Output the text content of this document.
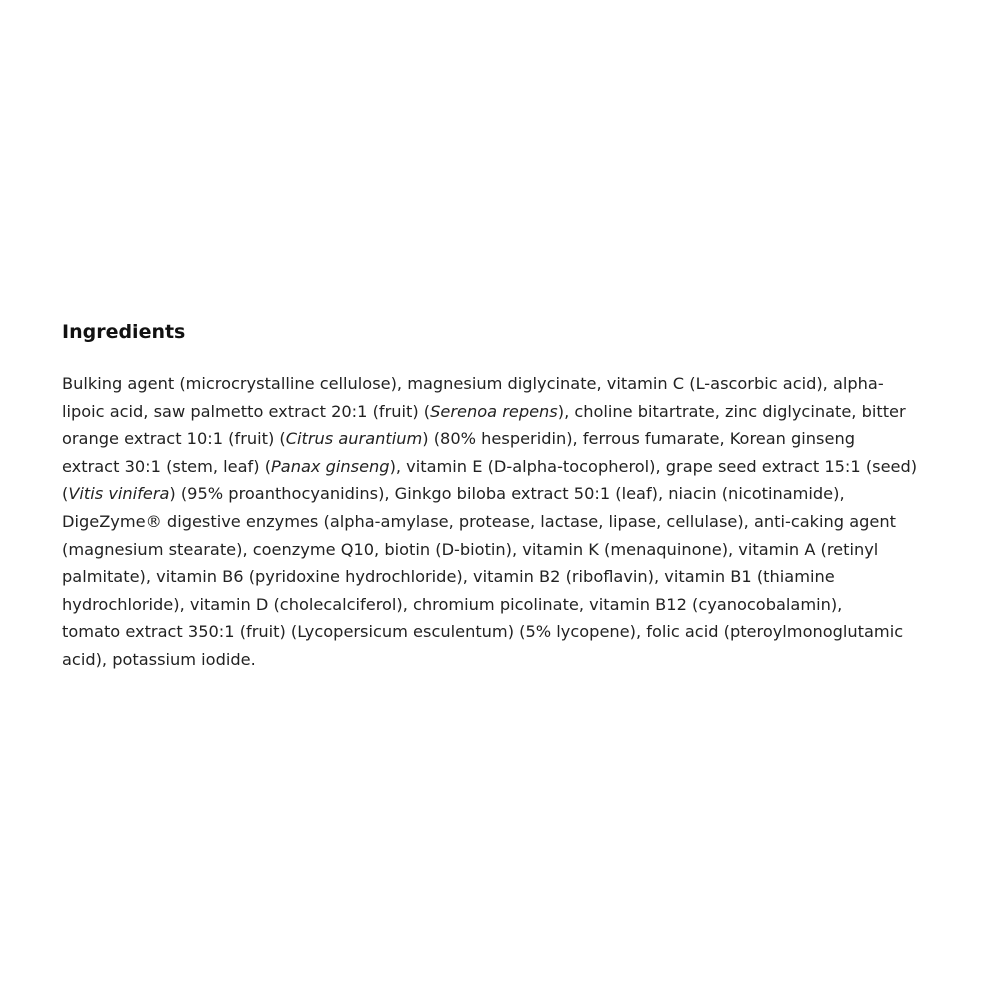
Ingredients

Bulking agent (microcrystalline cellulose), magnesium diglycinate, vitamin C (L-ascorbic acid), alpha-
lipoic acid, saw palmetto extract 20:1 (fruit) (Serenoa repens), choline bitartrate, zinc diglycinate, bitter
orange extract 10:1 (fruit) (Citrus aurantium) (80% hesperidin), ferrous fumarate, Korean ginseng
extract 30:1 (stem, leaf) (Panax ginseng), vitamin E (D-alpha-tocopherol), grape seed extract 15:1 (seed)
(Vitis vinifera) (95% proanthocyanidins), Ginkgo biloba extract 50:1 (leaf), niacin (nicotinamide),
DigeZyme® digestive enzymes (alpha-amylase, protease, lactase, lipase, cellulase), anti-caking agent
(magnesium stearate), coenzyme Q10, biotin (D-biotin), vitamin K (menaquinone), vitamin A (retinyl
palmitate), vitamin B6 (pyridoxine hydrochloride), vitamin B2 (riboflavin), vitamin B1 (thiamine
hydrochloride), vitamin D (cholecalciferol), chromium picolinate, vitamin B12 (cyanocobalamin),
tomato extract 350:1 (fruit) (Lycopersicum esculentum) (5% lycopene), folic acid (pteroylmonoglutamic
acid), potassium iodide.
